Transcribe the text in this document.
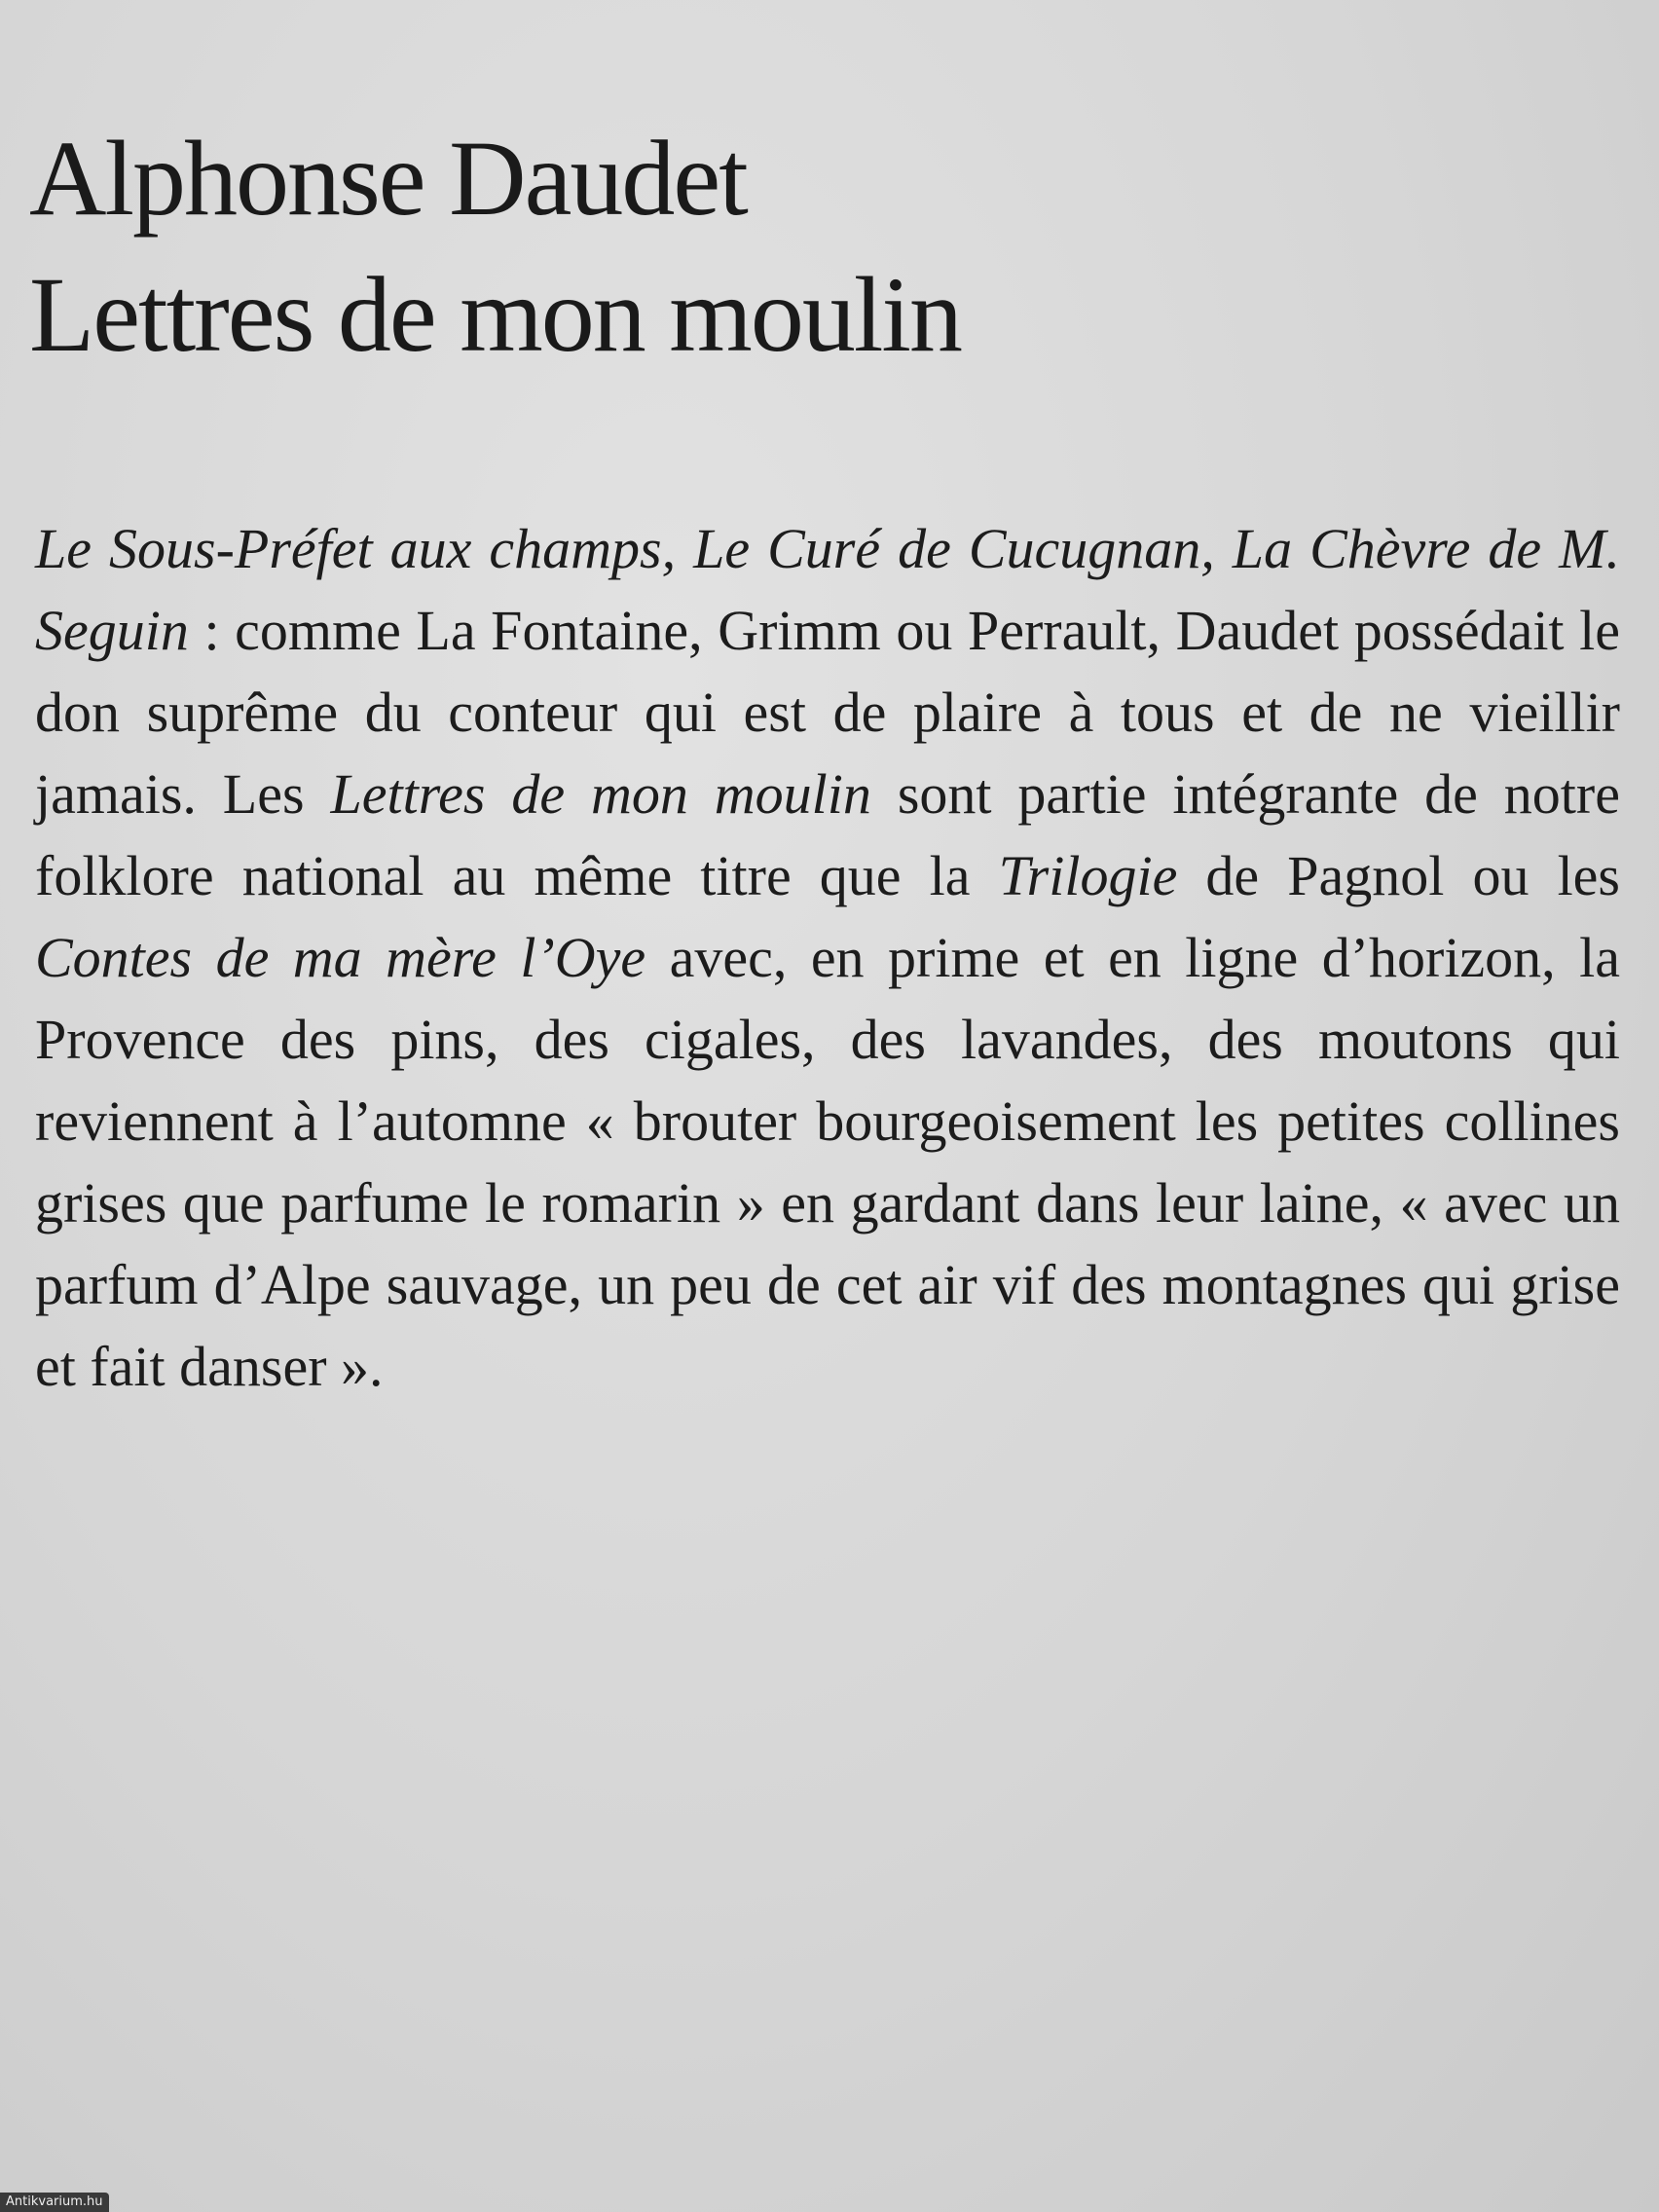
Alphonse Daudet
Lettres de mon moulin

Le Sous-Préfet aux champs, Le Curé de Cucugnan, La Chèvre de M. Seguin : comme La Fontaine, Grimm ou Perrault, Daudet possédait le don suprême du conteur qui est de plaire à tous et de ne vieillir jamais. Les Lettres de mon moulin sont partie intégrante de notre folklore national au même titre que la Trilogie de Pagnol ou les Contes de ma mère l’Oye avec, en prime et en ligne d’horizon, la Provence des pins, des cigales, des lavandes, des moutons qui reviennent à l’automne « brouter bourgeoisement les petites collines grises que parfume le romarin » en gardant dans leur laine, « avec un parfum d’Alpe sauvage, un peu de cet air vif des montagnes qui grise et fait danser ».

Antikvarium.hu
